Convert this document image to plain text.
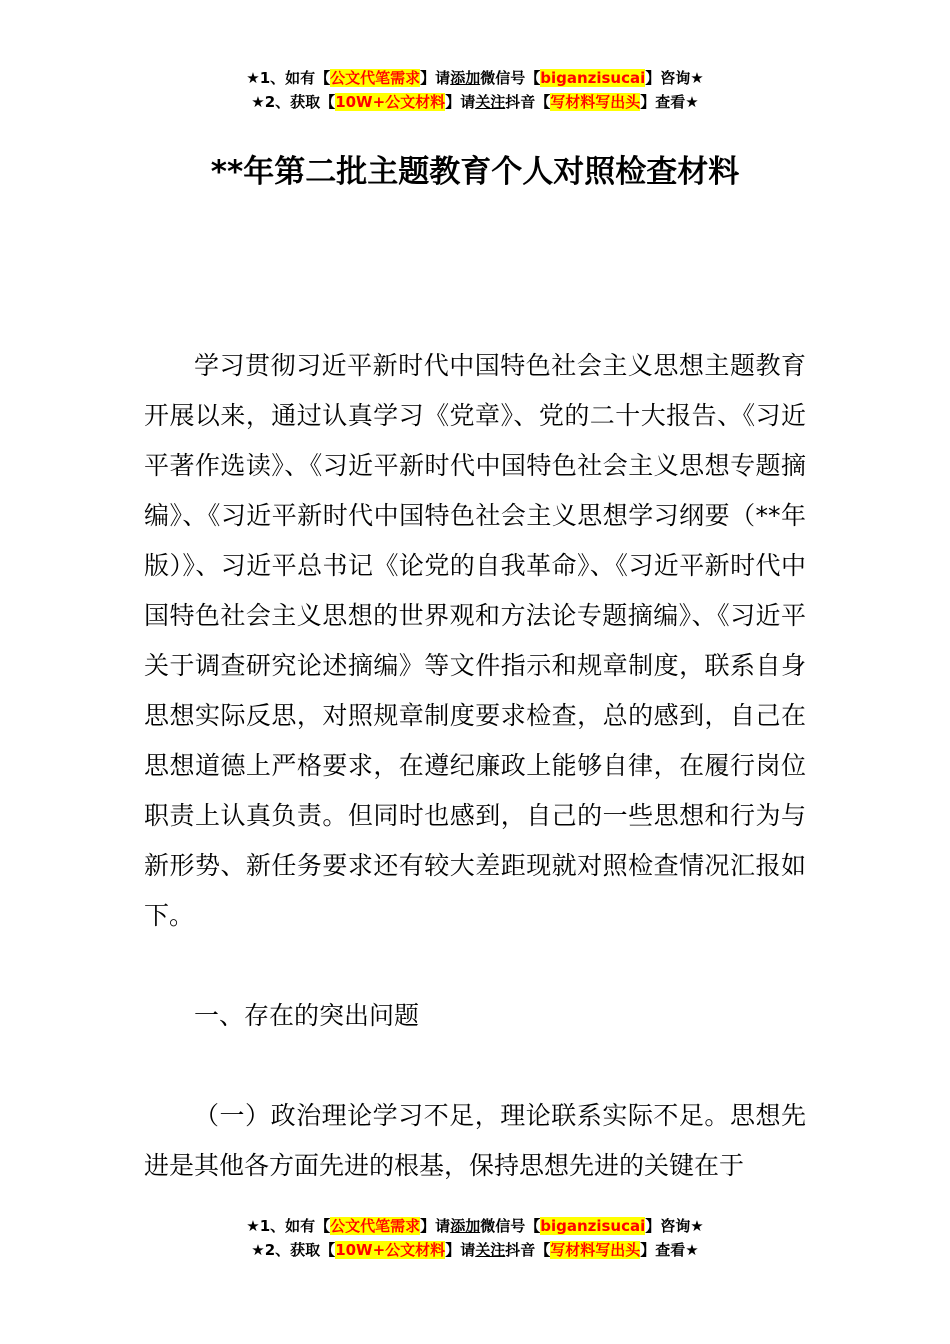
★1、如有【公文代笔需求】请添加微信号【biganzisucai】咨询★
★2、获取【10W+公文材料】请关注抖音【写材料写出头】查看★
**年第二批主题教育个人对照检查材料

学习贯彻习近平新时代中国特色社会主义思想主题教育开展以来，通过认真学习《党章》、党的二十大报告、《习近平著作选读》、《习近平新时代中国特色社会主义思想专题摘编》、《习近平新时代中国特色社会主义思想学习纲要（**年版）》、习近平总书记《论党的自我革命》、《习近平新时代中国特色社会主义思想的世界观和方法论专题摘编》、《习近平关于调查研究论述摘编》等文件指示和规章制度，联系自身思想实际反思，对照规章制度要求检查，总的感到，自己在思想道德上严格要求，在遵纪廉政上能够自律，在履行岗位职责上认真负责。但同时也感到，自己的一些思想和行为与新形势、新任务要求还有较大差距现就对照检查情况汇报如下。

一、存在的突出问题

（一）政治理论学习不足，理论联系实际不足。思想先进是其他各方面先进的根基，保持思想先进的关键在于

★1、如有【公文代笔需求】请添加微信号【biganzisucai】咨询★
★2、获取【10W+公文材料】请关注抖音【写材料写出头】查看★
